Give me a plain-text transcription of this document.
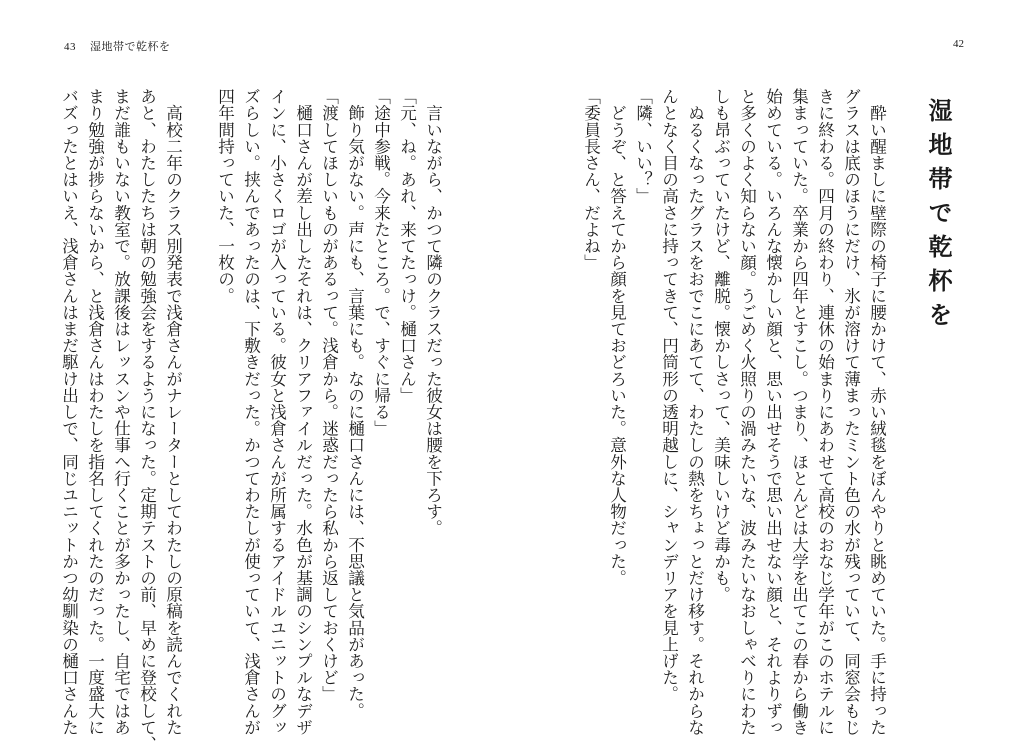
43 湿地帯で乾杯を	42
湿地帯で乾杯を
　酔い醒ましに壁際の椅子に腰かけて、赤い絨毯をぼんやりと眺めていた。手に持った
グラスは底のほうにだけ、氷が溶けて薄まったミント色の水が残っていて、同窓会もじ
きに終わる。四月の終わり、連休の始まりにあわせて高校のおなじ学年がこのホテルに
集まっていた。卒業から四年とすこし。つまり、ほとんどは大学を出てこの春から働き
始めている。いろんな懐かしい顔と、思い出せそうで思い出せない顔と、それよりずっ
と多くのよく知らない顔。うごめく火照りの渦みたいな、波みたいなおしゃべりにわた
しも昂ぶっていたけど、離脱。懐かしさって、美味しいけど毒かも。
　ぬるくなったグラスをおでこにあてて、わたしの熱をちょっとだけ移す。それからな
んとなく目の高さに持ってきて、円筒形の透明越しに、シャンデリアを見上げた。
「隣、いい？」
　どうぞ、と答えてから顔を見ておどろいた。意外な人物だった。
「委員長さん、だよね」
　言いながら、かつて隣のクラスだった彼女は腰を下ろす。
「元、ね。あれ、来てたっけ。樋口さん」
「途中参戦。今来たところ。で、すぐに帰る」
　飾り気がない。声にも、言葉にも。なのに樋口さんには、不思議と気品があった。
「渡してほしいものがあるって。浅倉から。迷惑だったら私から返しておくけど」
　樋口さんが差し出したそれは、クリアファイルだった。水色が基調のシンプルなデザ
インに、小さくロゴが入っている。彼女と浅倉さんが所属するアイドルユニットのグッ
ズらしい。挟んであったのは、下敷きだった。かつてわたしが使っていて、浅倉さんが
四年間持っていた、一枚の。
　高校二年のクラス別発表で浅倉さんがナレーターとしてわたしの原稿を読んでくれた
あと、わたしたちは朝の勉強会をするようになった。定期テストの前、早めに登校して、
まだ誰もいない教室で。放課後はレッスンや仕事へ行くことが多かったし、自宅ではあ
まり勉強が捗らないから、と浅倉さんはわたしを指名してくれたのだった。一度盛大に
バズったとはいえ、浅倉さんはまだ駆け出しで、同じユニットかつ幼馴染の樋口さんた
